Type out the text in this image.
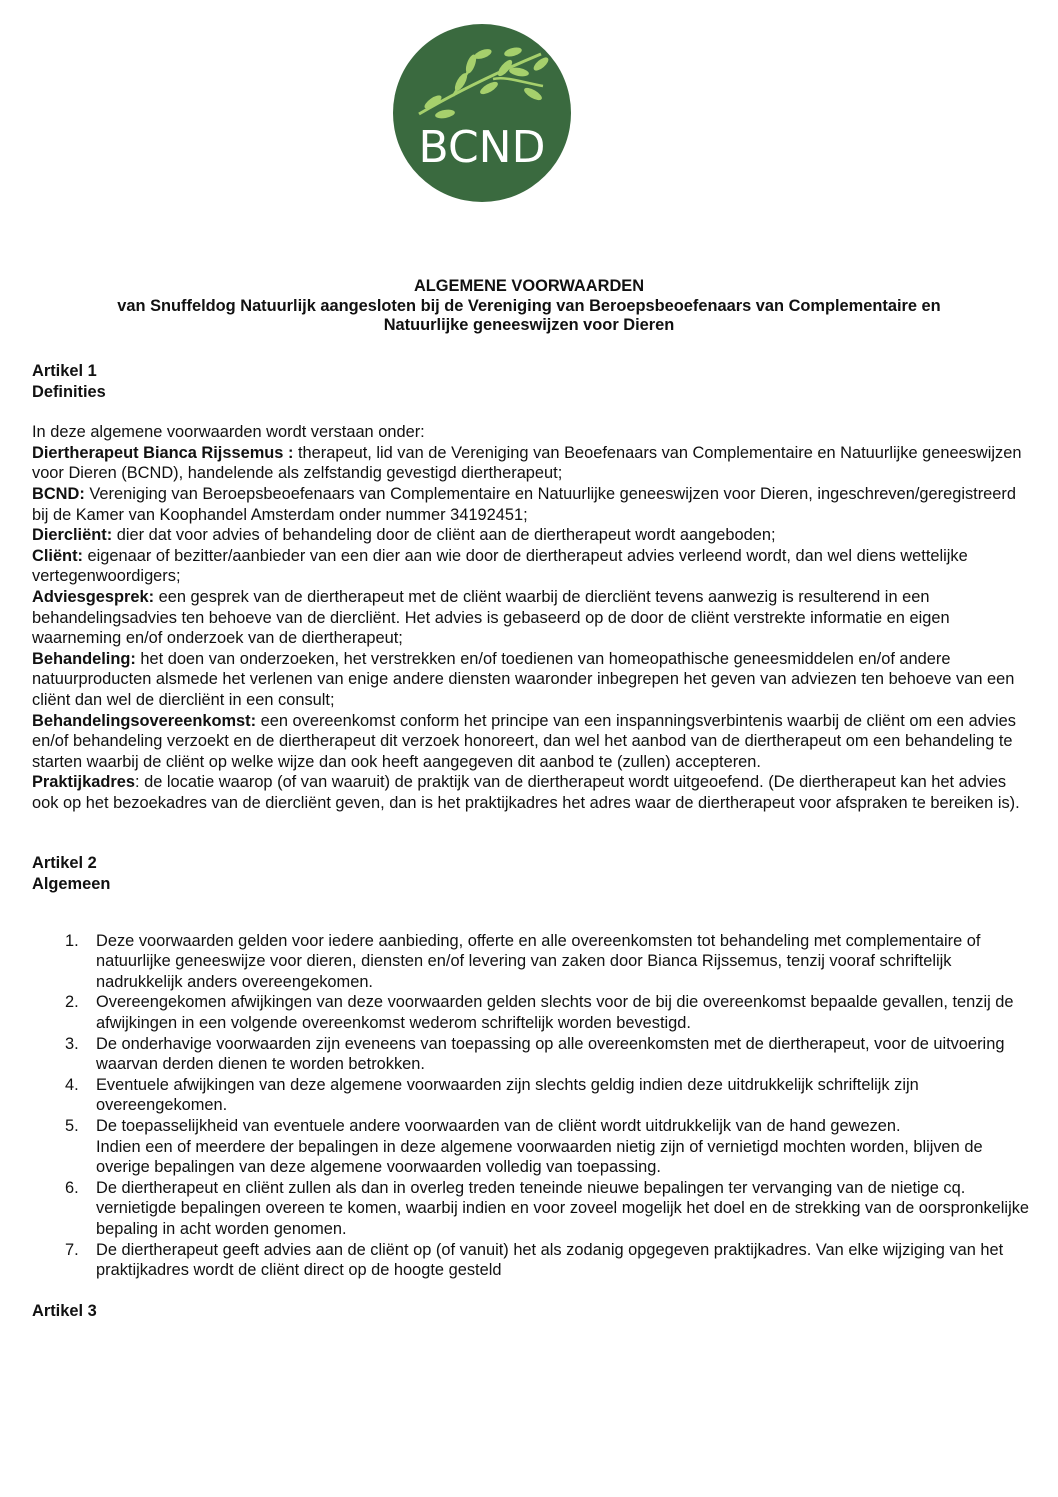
BCND
ALGEMENE VOORWAARDEN
van Snuffeldog Natuurlijk aangesloten bij de Vereniging van Beroepsbeoefenaars van Complementaire en
Natuurlijke geneeswijzen voor Dieren
Artikel 1
Definities
In deze algemene voorwaarden wordt verstaan onder:

Diertherapeut Bianca Rijssemus : therapeut, lid van de Vereniging van Beoefenaars van Complementaire en Natuurlijke geneeswijzen voor Dieren (BCND), handelende als zelfstandig gevestigd diertherapeut;

BCND: Vereniging van Beroepsbeoefenaars van Complementaire en Natuurlijke geneeswijzen voor Dieren, ingeschreven/geregistreerd bij de Kamer van Koophandel Amsterdam onder nummer 34192451;

Diercliënt: dier dat voor advies of behandeling door de cliënt aan de diertherapeut wordt aangeboden;

Cliënt: eigenaar of bezitter/aanbieder van een dier aan wie door de diertherapeut advies verleend wordt, dan wel diens wettelijke vertegenwoordigers;

Adviesgesprek: een gesprek van de diertherapeut met de cliënt waarbij de diercliënt tevens aanwezig is resulterend in een behandelingsadvies ten behoeve van de diercliënt. Het advies is gebaseerd op de door de cliënt verstrekte informatie en eigen waarneming en/of onderzoek van de diertherapeut;

Behandeling: het doen van onderzoeken, het verstrekken en/of toedienen van homeopathische geneesmiddelen en/of andere natuurproducten alsmede het verlenen van enige andere diensten waaronder inbegrepen het geven van adviezen ten behoeve van een cliënt dan wel de diercliënt in een consult;

Behandelingsovereenkomst: een overeenkomst conform het principe van een inspanningsverbintenis waarbij de cliënt om een advies en/of behandeling verzoekt en de diertherapeut dit verzoek honoreert, dan wel het aanbod van de diertherapeut om een behandeling te starten waarbij de cliënt op welke wijze dan ook heeft aangegeven dit aanbod te (zullen) accepteren.

Praktijkadres: de locatie waarop (of van waaruit) de praktijk van de diertherapeut wordt uitgeoefend. (De diertherapeut kan het advies ook op het bezoekadres van de diercliënt geven, dan is het praktijkadres het adres waar de diertherapeut voor afspraken te bereiken is).

Artikel 2
Algemeen
1. Deze voorwaarden gelden voor iedere aanbieding, offerte en alle overeenkomsten tot behandeling met complementaire of natuurlijke geneeswijze voor dieren, diensten en/of levering van zaken door Bianca Rijssemus, tenzij vooraf schriftelijk nadrukkelijk anders overeengekomen.
2. Overeengekomen afwijkingen van deze voorwaarden gelden slechts voor de bij die overeenkomst bepaalde gevallen, tenzij de afwijkingen in een volgende overeenkomst wederom schriftelijk worden bevestigd.
3. De onderhavige voorwaarden zijn eveneens van toepassing op alle overeenkomsten met de diertherapeut, voor de uitvoering waarvan derden dienen te worden betrokken.
4. Eventuele afwijkingen van deze algemene voorwaarden zijn slechts geldig indien deze uitdrukkelijk schriftelijk zijn overeengekomen.
5. De toepasselijkheid van eventuele andere voorwaarden van de cliënt wordt uitdrukkelijk van de hand gewezen.
Indien een of meerdere der bepalingen in deze algemene voorwaarden nietig zijn of vernietigd mochten worden, blijven de overige bepalingen van deze algemene voorwaarden volledig van toepassing.
6. De diertherapeut en cliënt zullen als dan in overleg treden teneinde nieuwe bepalingen ter vervanging van de nietige cq. vernietigde bepalingen overeen te komen, waarbij indien en voor zoveel mogelijk het doel en de strekking van de oorspronkelijke bepaling in acht worden genomen.
7. De diertherapeut geeft advies aan de cliënt op (of vanuit) het als zodanig opgegeven praktijkadres. Van elke wijziging van het praktijkadres wordt de cliënt direct op de hoogte gesteld
Artikel 3
